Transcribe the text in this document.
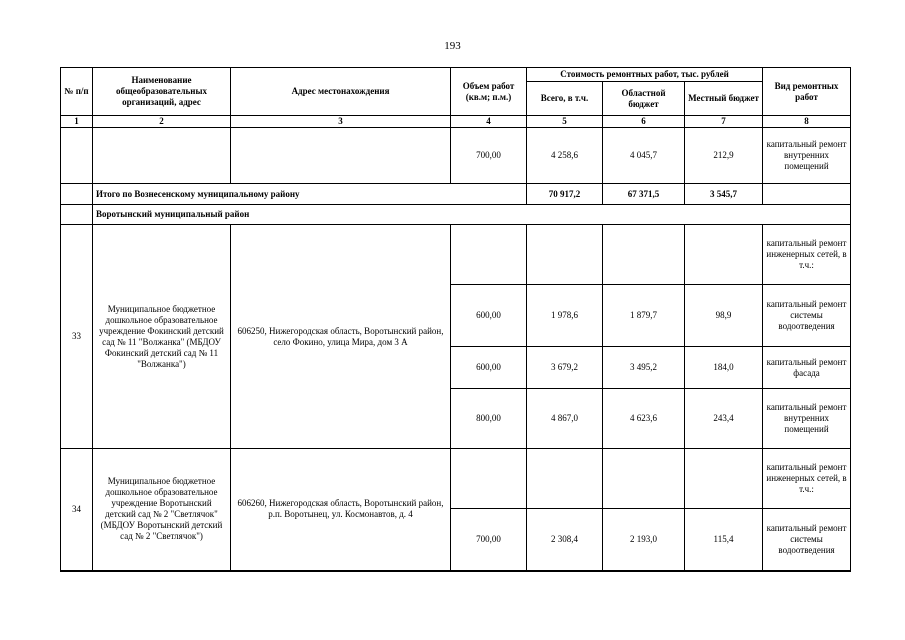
193
№ п/п	Наименование общеобразовательных организаций, адрес	Адрес местонахождения	Объем работ (кв.м; п.м.)	Стоимость ремонтных работ, тыс. рублей			Вид ремонтных работ
				Всего, в т.ч.	Областной бюджет	Местный бюджет	
1	2	3	4	5	6	7	8
			700,00	4 258,6	4 045,7	212,9	капитальный ремонт внутренних помещений
	Итого по Вознесенскому муниципальному району			70 917,2	67 371,5	3 545,7	
	Воротынский муниципальный район						
33	Муниципальное бюджетное дошкольное образовательное учреждение Фокинский детский сад № 11 "Волжанка" (МБДОУ Фокинский детский сад № 11 "Волжанка")	606250, Нижегородская область, Воротынский район, село Фокино, улица Мира, дом 3 А					капитальный ремонт инженерных сетей, в т.ч.:
			600,00	1 978,6	1 879,7	98,9	капитальный ремонт системы водоотведения
			600,00	3 679,2	3 495,2	184,0	капитальный ремонт фасада
			800,00	4 867,0	4 623,6	243,4	капитальный ремонт внутренних помещений
34	Муниципальное бюджетное дошкольное образовательное учреждение Воротынский детский сад № 2 "Светлячок" (МБДОУ Воротынский детский сад № 2 "Светлячок")	606260, Нижегородская область, Воротынский район, р.п. Воротынец, ул. Космонавтов, д. 4					капитальный ремонт инженерных сетей, в т.ч.:
			700,00	2 308,4	2 193,0	115,4	капитальный ремонт системы водоотведения
